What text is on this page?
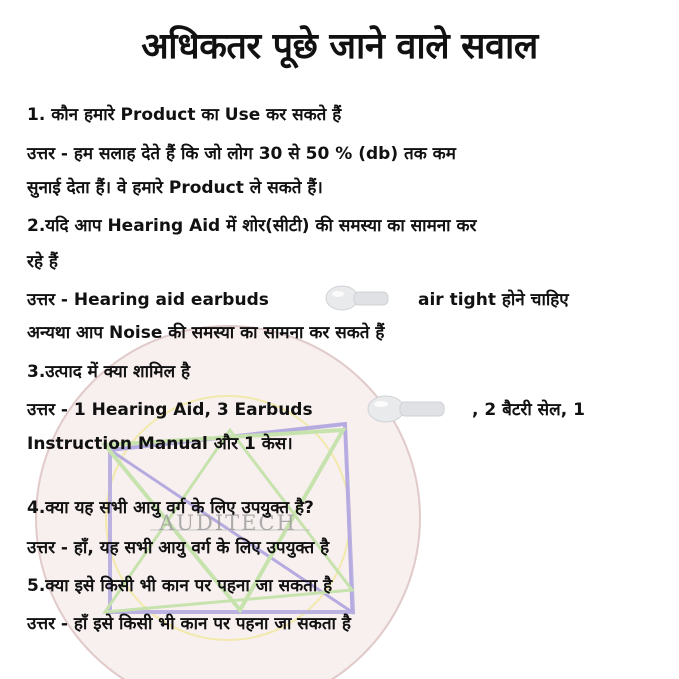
AUDITECH
अधिकतर पूछे जाने वाले सवाल
1. कौन हमारे Product का Use कर सकते हैं
उत्तर - हम सलाह देते हैं कि जो लोग 30 से 50 % (db) तक कम
सुनाई देता हैं। वे हमारे Product ले सकते हैं।
2.यदि आप Hearing Aid में शोर(सीटी) की समस्या का सामना कर
रहे हैं
उत्तर - Hearing aid earbuds	air tight होने चाहिए
अन्यथा आप Noise की समस्या का सामना कर सकते हैं
3.उत्पाद में क्या शामिल है
उत्तर - 1 Hearing Aid, 3 Earbuds	, 2 बैटरी सेल, 1
Instruction Manual और 1 केस।
4.क्या यह सभी आयु वर्ग के लिए उपयुक्त है?
उत्तर - हाँ, यह सभी आयु वर्ग के लिए उपयुक्त है
5.क्या इसे किसी भी कान पर पहना जा सकता है
उत्तर - हाँ इसे किसी भी कान पर पहना जा सकता है
